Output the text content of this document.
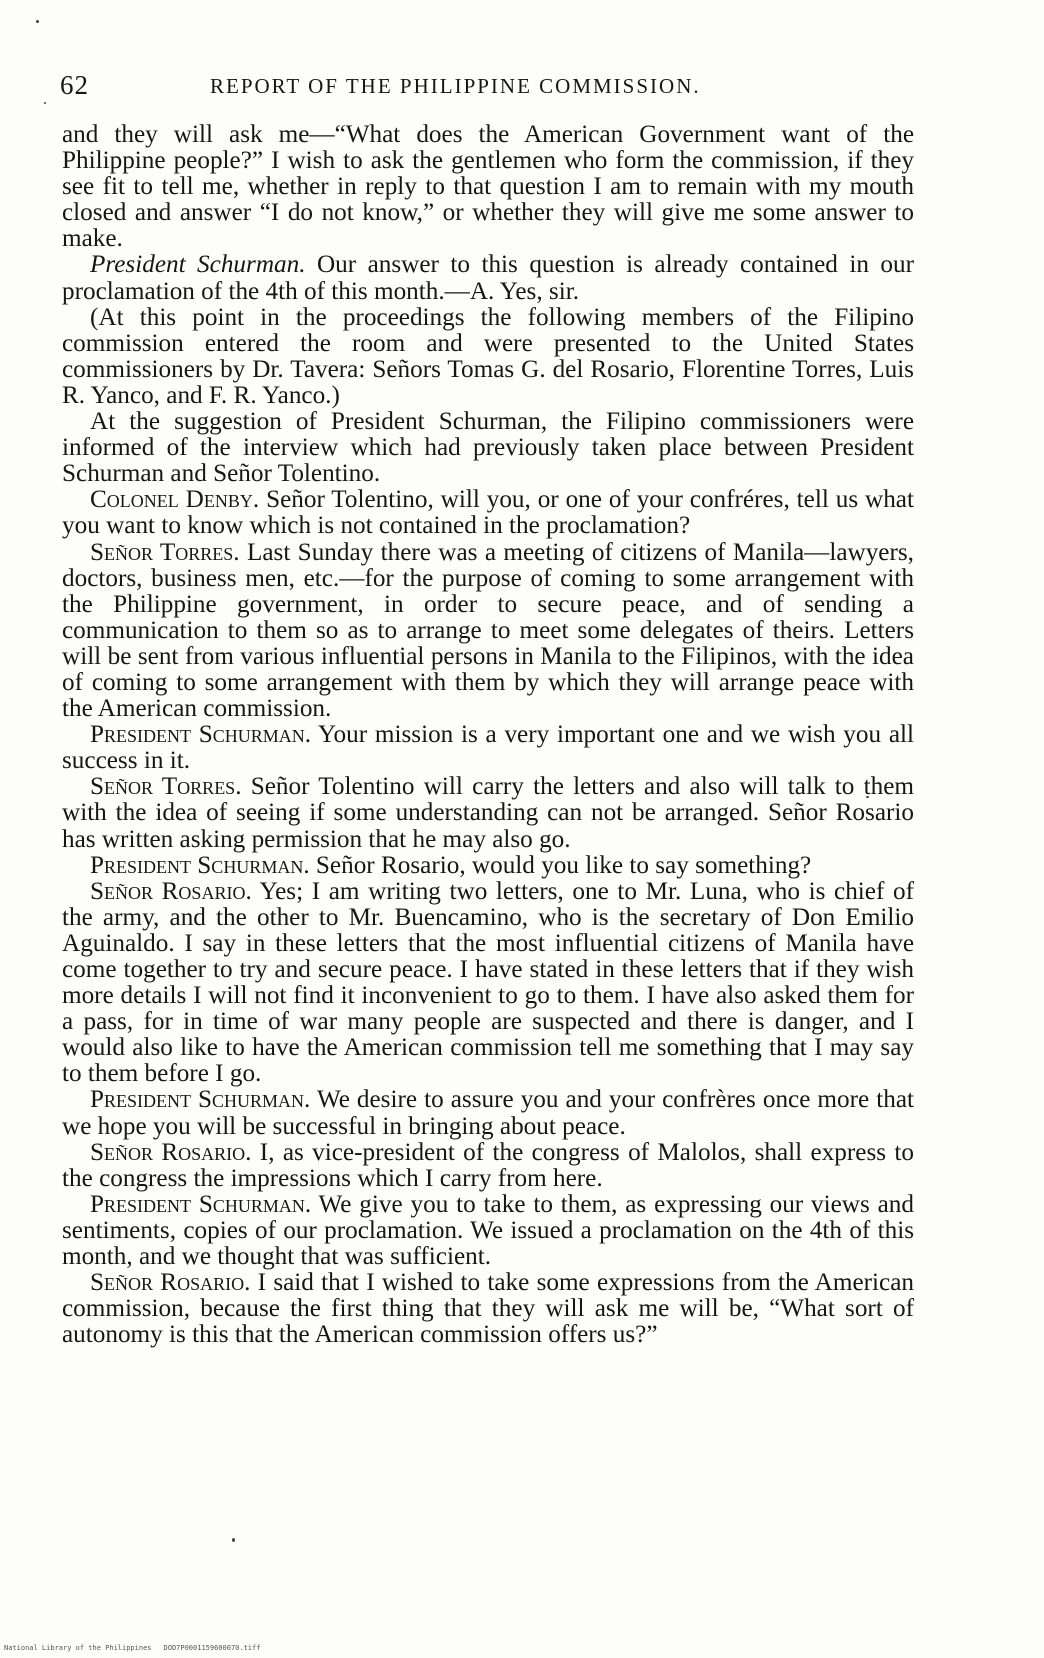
62	REPORT OF THE PHILIPPINE COMMISSION.

and they will ask me—“What does the American Government want of the Philippine people?” I wish to ask the gentlemen who form the commission, if they see fit to tell me, whether in reply to that question I am to remain with my mouth closed and answer “I do not know,” or whether they will give me some answer to make.

President Schurman. Our answer to this question is already contained in our proclamation of the 4th of this month.—A. Yes, sir.

(At this point in the proceedings the following members of the Filipino commission entered the room and were presented to the United States commissioners by Dr. Tavera: Señors Tomas G. del Rosario, Florentine Torres, Luis R. Yanco, and F. R. Yanco.)

At the suggestion of President Schurman, the Filipino commissioners were informed of the interview which had previously taken place between President Schurman and Señor Tolentino.

Colonel Denby. Señor Tolentino, will you, or one of your confréres, tell us what you want to know which is not contained in the proclamation?

Señor Torres. Last Sunday there was a meeting of citizens of Manila—lawyers, doctors, business men, etc.—for the purpose of coming to some arrangement with the Philippine government, in order to secure peace, and of sending a communication to them so as to arrange to meet some delegates of theirs. Letters will be sent from various influential persons in Manila to the Filipinos, with the idea of coming to some arrangement with them by which they will arrange peace with the American commission.

President Schurman. Your mission is a very important one and we wish you all success in it.

Señor Torres. Señor Tolentino will carry the letters and also will talk to them with the idea of seeing if some understanding can not be arranged. Señor Rosario has written asking permission that he may also go.

President Schurman. Señor Rosario, would you like to say something?

Señor Rosario. Yes; I am writing two letters, one to Mr. Luna, who is chief of the army, and the other to Mr. Buencamino, who is the secretary of Don Emilio Aguinaldo. I say in these letters that the most influential citizens of Manila have come together to try and secure peace. I have stated in these letters that if they wish more details I will not find it inconvenient to go to them. I have also asked them for a pass, for in time of war many people are suspected and there is danger, and I would also like to have the American commission tell me something that I may say to them before I go.

President Schurman. We desire to assure you and your confrères once more that we hope you will be successful in bringing about peace.

Señor Rosario. I, as vice-president of the congress of Malolos, shall express to the congress the impressions which I carry from here.

President Schurman. We give you to take to them, as expressing our views and sentiments, copies of our proclamation. We issued a proclamation on the 4th of this month, and we thought that was sufficient.

Señor Rosario. I said that I wished to take some expressions from the American commission, because the first thing that they will ask me will be, “What sort of autonomy is this that the American commission offers us?”

National Library of the Philippines DOD7P0001159600070.tiff
